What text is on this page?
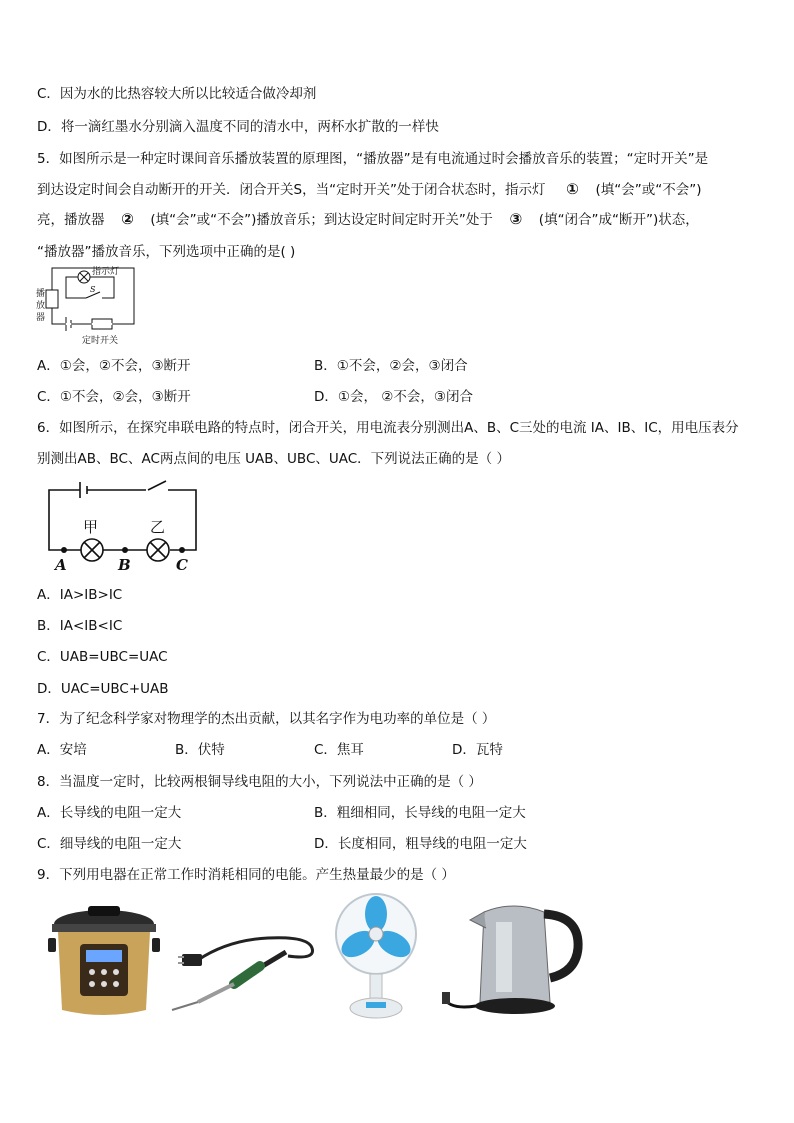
C．因为水的比热容较大所以比较适合做冷却剂
D．将一滴红墨水分别滴入温度不同的清水中，两杯水扩散的一样快
5．如图所示是一种定时课间音乐播放装置的原理图，“播放器”是有电流通过时会播放音乐的装置；“定时开关”是
到达设定时间会自动断开的开关．闭合开关S，当“定时开关”处于闭合状态时，指示灯 ① (填“会”或“不会”)
亮，播放器 ② (填“会”或“不会”)播放音乐；到达设定时间定时开关”处于 ③ (填“闭合”成“断开”)状态，
“播放器”播放音乐，下列选项中正确的是( )
指示灯
S
播
放
器
定时开关
A．①会，②不会，③断开	B．①不会，②会，③闭合
C．①不会，②会，③断开	D．①会， ②不会，③闭合
6．如图所示，在探究串联电路的特点时，闭合开关，用电流表分别测出A、B、C三处的电流 IA、IB、IC，用电压表分
别测出AB、BC、AC两点间的电压 UAB、UBC、UAC．下列说法正确的是（ ）
甲	乙
A	B	C
A．IA>IB>IC
B．IA<IB<IC
C．UAB=UBC=UAC
D．UAC=UBC+UAB
7．为了纪念科学家对物理学的杰出贡献，以其名字作为电功率的单位是（ ）
A．安培	B．伏特	C．焦耳	D．瓦特
8．当温度一定时，比较两根铜导线电阻的大小，下列说法中正确的是（ ）
A．长导线的电阻一定大	B．粗细相同，长导线的电阻一定大
C．细导线的电阻一定大	D．长度相同，粗导线的电阻一定大
9．下列用电器在正常工作时消耗相同的电能。产生热量最少的是（ ）
